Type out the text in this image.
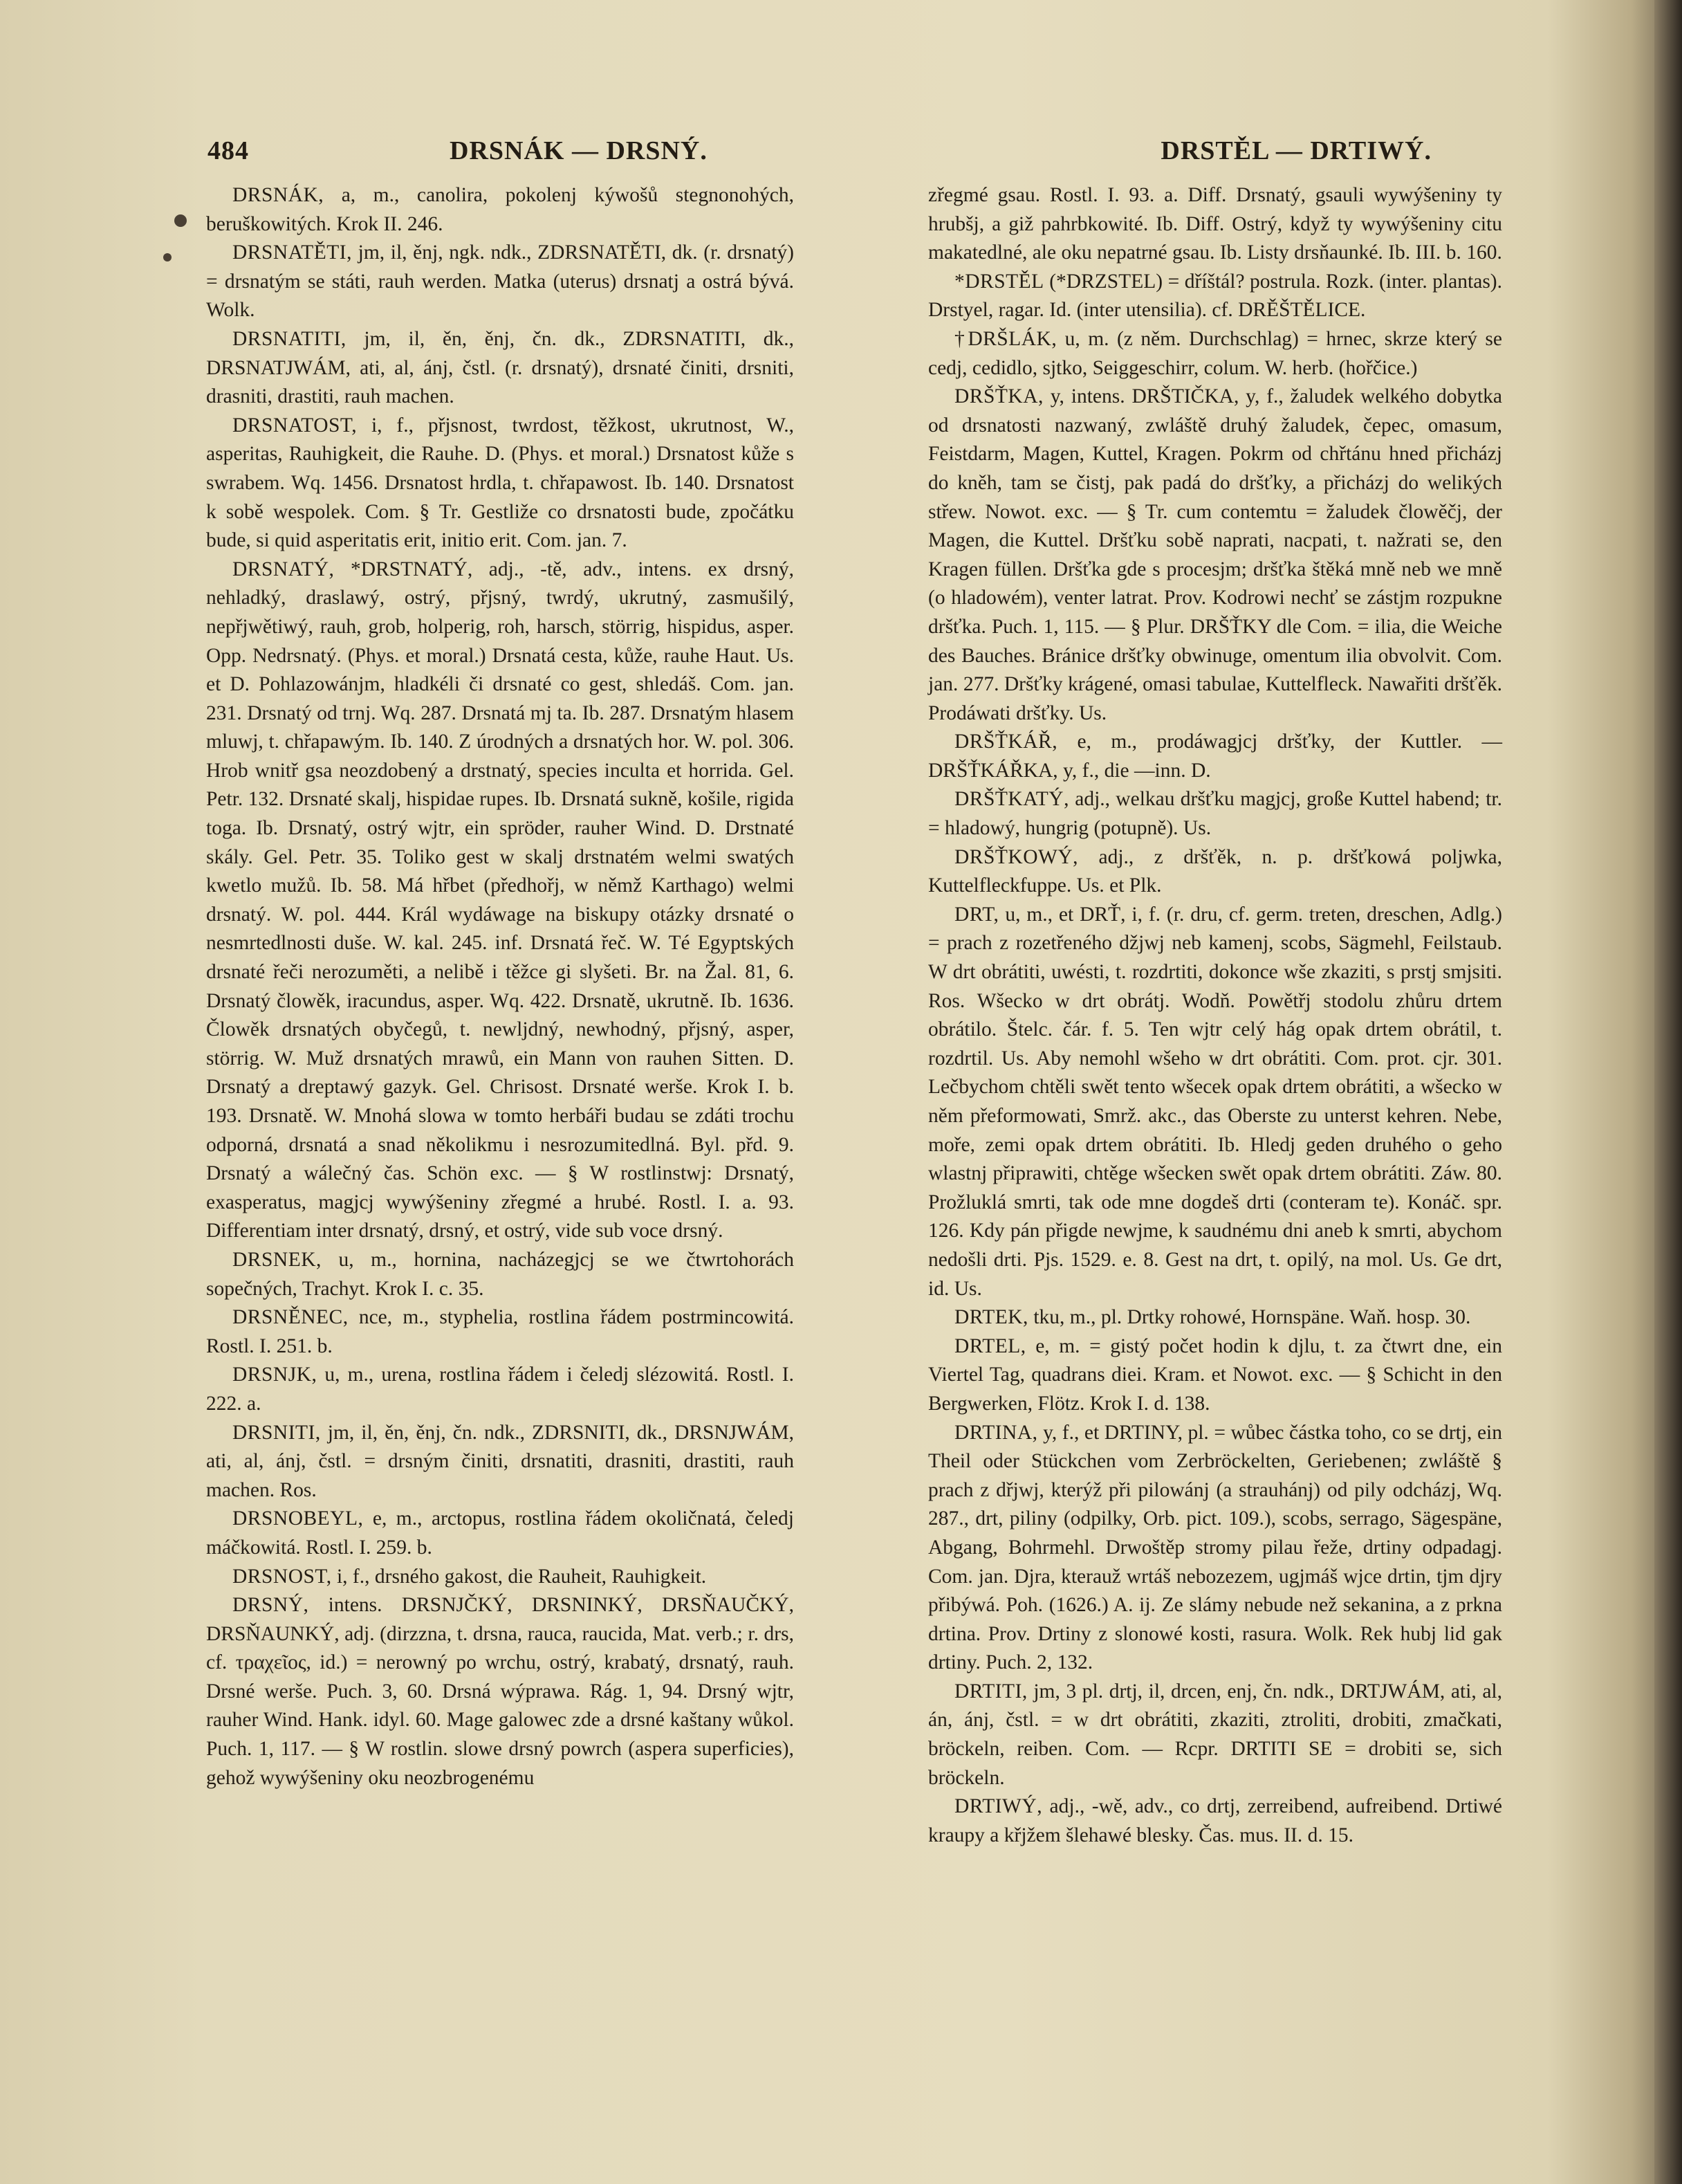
484	DRSNÁK — DRSNÝ.	DRSTĚL — DRTIWÝ.

DRSNÁK, a, m., canolira, pokolenj kýwošů stegnonohých, beruškowitých. Krok II. 246.

DRSNATĚTI, jm, il, ěnj, ngk. ndk., ZDRSNATĚTI, dk. (r. drsnatý) = drsnatým se státi, rauh werden. Matka (uterus) drsnatj a ostrá bývá. Wolk.

DRSNATITI, jm, il, ěn, ěnj, čn. dk., ZDRSNATITI, dk., DRSNATJWÁM, ati, al, ánj, čstl. (r. drsnatý), drsnaté činiti, drsniti, drasniti, drastiti, rauh machen.

DRSNATOST, i, f., přjsnost, twrdost, těžkost, ukrutnost, W., asperitas, Rauhigkeit, die Rauhe. D. (Phys. et moral.) Drsnatost kůže s swrabem. Wq. 1456. Drsnatost hrdla, t. chřapawost. Ib. 140. Drsnatost k sobě wespolek. Com. § Tr. Gestliže co drsnatosti bude, zpočátku bude, si quid asperitatis erit, initio erit. Com. jan. 7.

DRSNATÝ, *DRSTNATÝ, adj., -tě, adv., intens. ex drsný, nehladký, draslawý, ostrý, přjsný, twrdý, ukrutný, zasmušilý, nepřjwětiwý, rauh, grob, holperig, roh, harsch, störrig, hispidus, asper. Opp. Nedrsnatý. (Phys. et moral.) Drsnatá cesta, kůže, rauhe Haut. Us. et D. Pohlazowánjm, hladkéli či drsnaté co gest, shledáš. Com. jan. 231. Drsnatý od trnj. Wq. 287. Drsnatá mj ta. Ib. 287. Drsnatým hlasem mluwj, t. chřapawým. Ib. 140. Z úrodných a drsnatých hor. W. pol. 306. Hrob wnitř gsa neozdobený a drstnatý, species inculta et horrida. Gel. Petr. 132. Drsnaté skalj, hispidae rupes. Ib. Drsnatá sukně, košile, rigida toga. Ib. Drsnatý, ostrý wjtr, ein spröder, rauher Wind. D. Drstnaté skály. Gel. Petr. 35. Toliko gest w skalj drstnatém welmi swatých kwetlo mužů. Ib. 58. Má hřbet (předhořj, w němž Karthago) welmi drsnatý. W. pol. 444. Král wydáwage na biskupy otázky drsnaté o nesmrtedlnosti duše. W. kal. 245. inf. Drsnatá řeč. W. Té Egyptských drsnaté řeči nerozuměti, a nelibě i těžce gi slyšeti. Br. na Žal. 81, 6. Drsnatý člowěk, iracundus, asper. Wq. 422. Drsnatě, ukrutně. Ib. 1636. Člowěk drsnatých obyčegů, t. newljdný, newhodný, přjsný, asper, störrig. W. Muž drsnatých mrawů, ein Mann von rauhen Sitten. D. Drsnatý a dreptawý gazyk. Gel. Chrisost. Drsnaté werše. Krok I. b. 193. Drsnatě. W. Mnohá slowa w tomto herbáři budau se zdáti trochu odporná, drsnatá a snad několikmu i nesrozumitedlná. Byl. přd. 9. Drsnatý a wálečný čas. Schön exc. — § W rostlinstwj: Drsnatý, exasperatus, magjcj wywýšeniny zřegmé a hrubé. Rostl. I. a. 93. Differentiam inter drsnatý, drsný, et ostrý, vide sub voce drsný.

DRSNEK, u, m., hornina, nacházegjcj se we čtwrtohorách sopečných, Trachyt. Krok I. c. 35.

DRSNĚNEC, nce, m., styphelia, rostlina řádem postrmincowitá. Rostl. I. 251. b.

DRSNJK, u, m., urena, rostlina řádem i čeledj slézowitá. Rostl. I. 222. a.

DRSNITI, jm, il, ěn, ěnj, čn. ndk., ZDRSNITI, dk., DRSNJWÁM, ati, al, ánj, čstl. = drsným činiti, drsnatiti, drasniti, drastiti, rauh machen. Ros.

DRSNOBEYL, e, m., arctopus, rostlina řádem okoličnatá, čeledj máčkowitá. Rostl. I. 259. b.

DRSNOST, i, f., drsného gakost, die Rauheit, Rauhigkeit.

DRSNÝ, intens. DRSNJČKÝ, DRSNINKÝ, DRSŇAUČKÝ, DRSŇAUNKÝ, adj. (dirzzna, t. drsna, rauca, raucida, Mat. verb.; r. drs, cf. τραχεῖος, id.) = nerowný po wrchu, ostrý, krabatý, drsnatý, rauh. Drsné werše. Puch. 3, 60. Drsná wýprawa. Rág. 1, 94. Drsný wjtr, rauher Wind. Hank. idyl. 60. Mage galowec zde a drsné kaštany wůkol. Puch. 1, 117. — § W rostlin. slowe drsný powrch (aspera superficies), gehož wywýšeniny oku neozbrogenému

zřegmé gsau. Rostl. I. 93. a. Diff. Drsnatý, gsauli wywýšeniny ty hrubšj, a giž pahrbkowité. Ib. Diff. Ostrý, když ty wywýšeniny citu makatedlné, ale oku nepatrné gsau. Ib. Listy drsňaunké. Ib. III. b. 160.

*DRSTĚL (*DRZSTEL) = dříštál? postrula. Rozk. (inter. plantas). Drstyel, ragar. Id. (inter utensilia). cf. DRĚŠTĚLICE.

†DRŠLÁK, u, m. (z něm. Durchschlag) = hrnec, skrze který se cedj, cedidlo, sjtko, Seiggeschirr, colum. W. herb. (hořčice.)

DRŠŤKA, y, intens. DRŠTIČKA, y, f., žaludek welkého dobytka od drsnatosti nazwaný, zwláště druhý žaludek, čepec, omasum, Feistdarm, Magen, Kuttel, Kragen. Pokrm od chřtánu hned přicházj do kněh, tam se čistj, pak padá do dršťky, a přicházj do welikých střew. Nowot. exc. — § Tr. cum contemtu = žaludek člowěčj, der Magen, die Kuttel. Dršťku sobě naprati, nacpati, t. nažrati se, den Kragen füllen. Dršťka gde s procesjm; dršťka štěká mně neb we mně (o hladowém), venter latrat. Prov. Kodrowi nechť se zástjm rozpukne dršťka. Puch. 1, 115. — § Plur. DRŠŤKY dle Com. = ilia, die Weiche des Bauches. Bránice dršťky obwinuge, omentum ilia obvolvit. Com. jan. 277. Dršťky krágené, omasi tabulae, Kuttelfleck. Nawařiti dršťěk. Prodáwati dršťky. Us.

DRŠŤKÁŘ, e, m., prodáwagjcj dršťky, der Kuttler. — DRŠŤKÁŘKA, y, f., die —inn. D.

DRŠŤKATÝ, adj., welkau dršťku magjcj, große Kuttel habend; tr. = hladowý, hungrig (potupně). Us.

DRŠŤKOWÝ, adj., z dršťěk, n. p. dršťkowá poljwka, Kuttelfleckfuppe. Us. et Plk.

DRT, u, m., et DRŤ, i, f. (r. dru, cf. germ. treten, dreschen, Adlg.) = prach z rozetřeného džjwj neb kamenj, scobs, Sägmehl, Feilstaub. W drt obrátiti, uwésti, t. rozdrtiti, dokonce wše zkaziti, s prstj smjsiti. Ros. Wšecko w drt obrátj. Wodň. Powětřj stodolu zhůru drtem obrátilo. Štelc. čár. f. 5. Ten wjtr celý hág opak drtem obrátil, t. rozdrtil. Us. Aby nemohl wšeho w drt obrátiti. Com. prot. cjr. 301. Lečbychom chtěli swět tento wšecek opak drtem obrátiti, a wšecko w něm přeformowati, Smrž. akc., das Oberste zu unterst kehren. Nebe, moře, zemi opak drtem obrátiti. Ib. Hledj geden druhého o geho wlastnj připrawiti, chtěge wšecken swět opak drtem obrátiti. Záw. 80. Prožluklá smrti, tak ode mne dogdeš drti (conteram te). Konáč. spr. 126. Kdy pán přigde newjme, k saudnému dni aneb k smrti, abychom nedošli drti. Pjs. 1529. e. 8. Gest na drt, t. opilý, na mol. Us. Ge drt, id. Us.

DRTEK, tku, m., pl. Drtky rohowé, Hornspäne. Waň. hosp. 30.

DRTEL, e, m. = gistý počet hodin k djlu, t. za čtwrt dne, ein Viertel Tag, quadrans diei. Kram. et Nowot. exc. — § Schicht in den Bergwerken, Flötz. Krok I. d. 138.

DRTINA, y, f., et DRTINY, pl. = wůbec částka toho, co se drtj, ein Theil oder Stückchen vom Zerbröckelten, Geriebenen; zwláště § prach z dřjwj, kterýž při pilowánj (a strauhánj) od pily odcházj, Wq. 287., drt, piliny (odpilky, Orb. pict. 109.), scobs, serrago, Sägespäne, Abgang, Bohrmehl. Drwoštěp stromy pilau řeže, drtiny odpadagj. Com. jan. Djra, kterauž wrtáš nebozezem, ugjmáš wjce drtin, tjm djry přibýwá. Poh. (1626.) A. ij. Ze slámy nebude než sekanina, a z prkna drtina. Prov. Drtiny z slonowé kosti, rasura. Wolk. Rek hubj lid gak drtiny. Puch. 2, 132.

DRTITI, jm, 3 pl. drtj, il, drcen, enj, čn. ndk., DRTJWÁM, ati, al, án, ánj, čstl. = w drt obrátiti, zkaziti, ztroliti, drobiti, zmačkati, bröckeln, reiben. Com. — Rcpr. DRTITI SE = drobiti se, sich bröckeln.

DRTIWÝ, adj., -wě, adv., co drtj, zerreibend, aufreibend. Drtiwé kraupy a křjžem šlehawé blesky. Čas. mus. II. d. 15.
